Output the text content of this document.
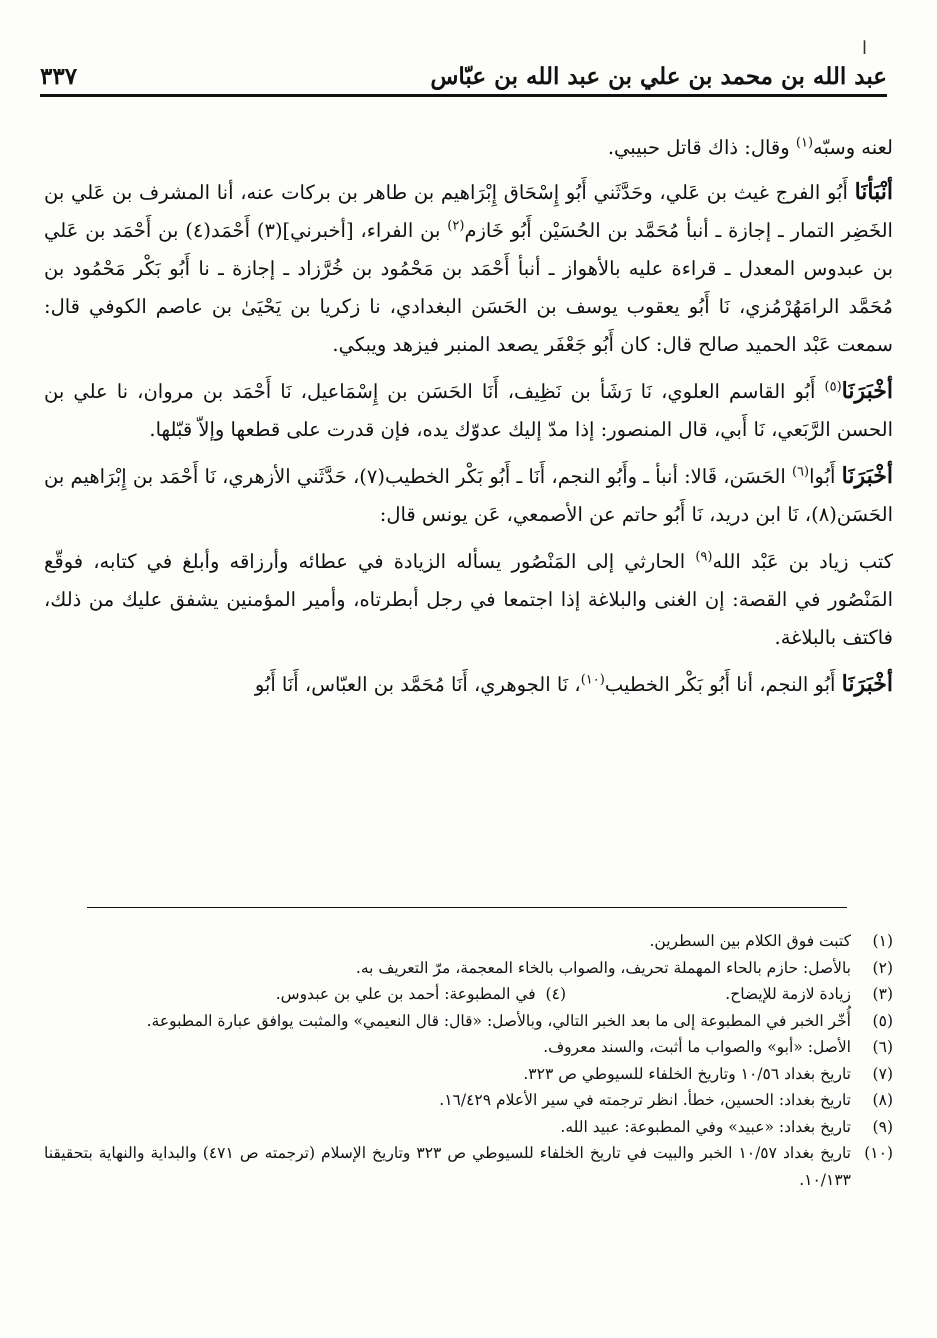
ا
٣٣٧	عبد الله بن محمد بن علي بن عبد الله بن عبّاس

لعنه وسبّه$^{(١)}$ وقال: ذاك قاتل حبيبي.

أنْبَأنَا أَبُو الفرج غيث بن عَلي، وحَدَّثَني أَبُو إِسْحَاق إِبْرَاهيم بن طاهر بن بركات عنه، أنا المشرف بن عَلي بن الخَضِر التمار ـ إجازة ـ أنبأ مُحَمَّد بن الحُسَيْن أَبُو خَازم$^{(٢)}$ بن الفراء، [أخبرني](٣) أَحْمَد(٤) بن أَحْمَد بن عَلي بن عبدوس المعدل ـ قراءة عليه بالأهواز ـ أنبأ أَحْمَد بن مَحْمُود بن خُرَّزاد ـ إجازة ـ نا أَبُو بَكْر مَحْمُود بن مُحَمَّد الرامَهُرْمُزي، نَا أَبُو يعقوب يوسف بن الحَسَن البغدادي، نا زكريا بن يَحْيَىٰ بن عاصم الكوفي قال: سمعت عَبْد الحميد صالح قال: كان أَبُو جَعْفَر يصعد المنبر فيزهد ويبكي.

أخْبَرَنَا$^{(٥)}$ أَبُو القاسم العلوي، نَا رَشَأ بن نَظِيف، أَنَا الحَسَن بن إِسْمَاعيل، نَا أَحْمَد بن مروان، نا علي بن الحسن الرَّبَعي، نَا أَبي، قال المنصور: إذا مدّ إليك عدوّك يده، فإن قدرت على قطعها وإلاّ قبّلها.

أخْبَرَنَا أَبُوا$^{(٦)}$ الحَسَن، قَالا: أنبأ ـ وأَبُو النجم، أَنَا ـ أَبُو بَكْر الخطيب(٧)، حَدَّثَني الأزهري، نَا أَحْمَد بن إِبْرَاهيم بن الحَسَن(٨)، نَا ابن دريد، نَا أَبُو حاتم عن الأصمعي، عَن يونس قال:

كتب زياد بن عَبْد الله$^{(٩)}$ الحارثي إلى المَنْصُور يسأله الزيادة في عطائه وأرزاقه وأبلغ في كتابه، فوقّع المَنْصُور في القصة: إن الغنى والبلاغة إذا اجتمعا في رجل أبطرتاه، وأمير المؤمنين يشفق عليك من ذلك، فاكتف بالبلاغة.

أخْبَرَنَا أَبُو النجم، أنا أَبُو بَكْر الخطيب$^{(١٠)}$، نَا الجوهري، أَنَا مُحَمَّد بن العبّاس، أَنَا أَبُو

(١)
كتبت فوق الكلام بين السطرين.
(٢)
بالأصل: حازم بالحاء المهملة تحريف، والصواب بالخاء المعجمة، مرّ التعريف به.
(٣)
زيادة لازمة للإيضاح.
(٤)

في المطبوعة: أحمد بن علي بن عبدوس.
(٥)
أُخّر الخبر في المطبوعة إلى ما بعد الخبر التالي، وبالأصل: «قال: قال النعيمي» والمثبت يوافق عبارة المطبوعة.
(٦)
الأصل: «أبو» والصواب ما أثبت، والسند معروف.
(٧)
تاريخ بغداد ١٠/٥٦ وتاريخ الخلفاء للسيوطي ص ٣٢٣.
(٨)
تاريخ بغداد: الحسين، خطأ. انظر ترجمته في سير الأعلام ١٦/٤٢٩.
(٩)
تاريخ بغداد: «عبيد» وفي المطبوعة: عبيد الله.
(١٠)
تاريخ بغداد ١٠/٥٧ الخبر والبيت في تاريخ الخلفاء للسيوطي ص ٣٢٣ وتاريخ الإسلام (ترجمته ص ٤٧١) والبداية والنهاية بتحقيقنا ١٠/١٣٣.
